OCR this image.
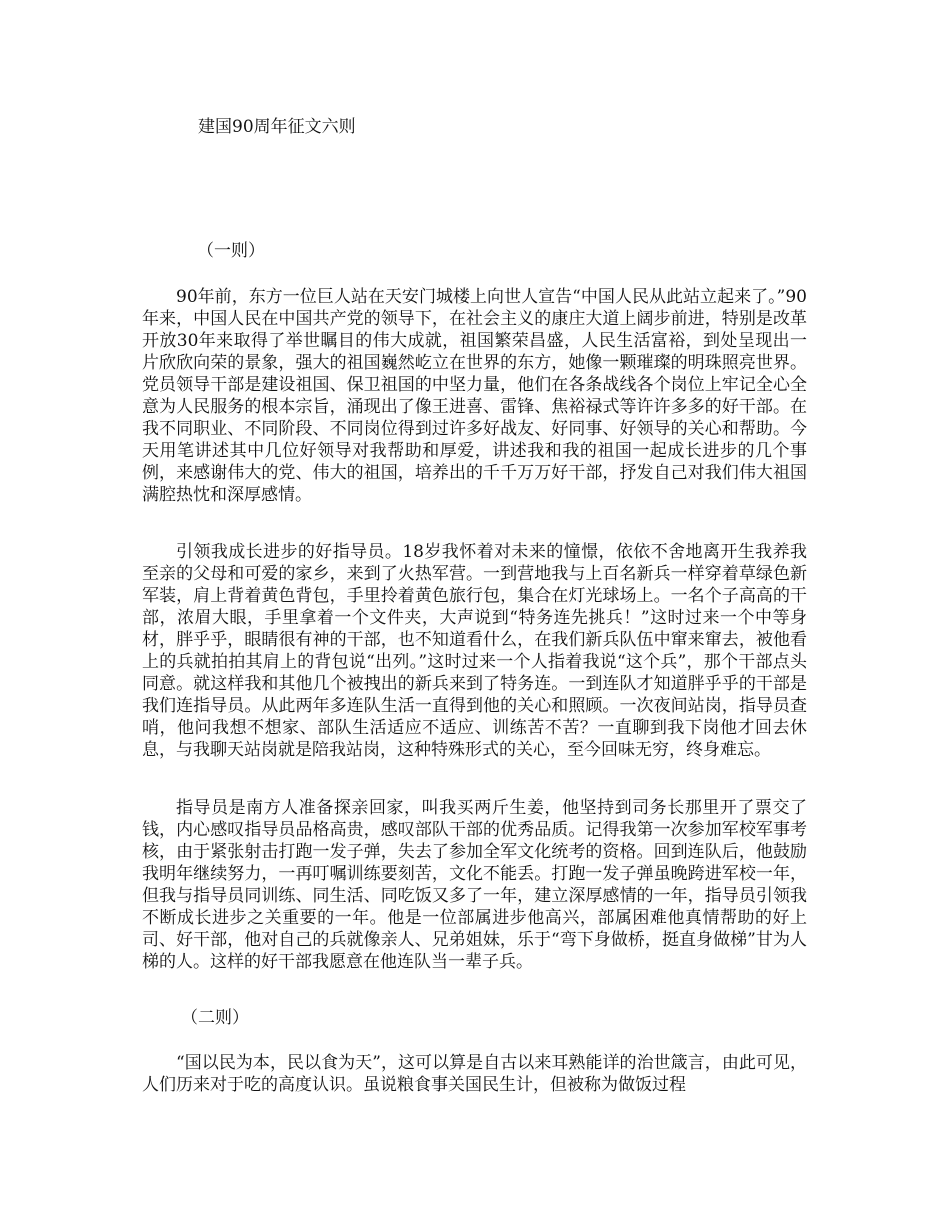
建国90周年征文六则
（一则）

90年前，东方一位巨人站在天安门城楼上向世人宣告“中国人民从此站立起来了。”90年来，中国人民在中国共产党的领导下，在社会主义的康庄大道上阔步前进，特别是改革开放30年来取得了举世瞩目的伟大成就，祖国繁荣昌盛，人民生活富裕，到处呈现出一片欣欣向荣的景象，强大的祖国巍然屹立在世界的东方，她像一颗璀璨的明珠照亮世界。党员领导干部是建设祖国、保卫祖国的中坚力量，他们在各条战线各个岗位上牢记全心全意为人民服务的根本宗旨，涌现出了像王进喜、雷锋、焦裕禄式等许许多多的好干部。在我不同职业、不同阶段、不同岗位得到过许多好战友、好同事、好领导的关心和帮助。今天用笔讲述其中几位好领导对我帮助和厚爱，讲述我和我的祖国一起成长进步的几个事例，来感谢伟大的党、伟大的祖国，培养出的千千万万好干部，抒发自己对我们伟大祖国满腔热忱和深厚感情。

引领我成长进步的好指导员。18岁我怀着对未来的憧憬，依依不舍地离开生我养我至亲的父母和可爱的家乡，来到了火热军营。一到营地我与上百名新兵一样穿着草绿色新军装，肩上背着黄色背包，手里拎着黄色旅行包，集合在灯光球场上。一名个子高高的干部，浓眉大眼，手里拿着一个文件夹，大声说到“特务连先挑兵！”这时过来一个中等身材，胖乎乎，眼睛很有神的干部，也不知道看什么，在我们新兵队伍中窜来窜去，被他看上的兵就拍拍其肩上的背包说“出列。”这时过来一个人指着我说“这个兵”，那个干部点头同意。就这样我和其他几个被拽出的新兵来到了特务连。一到连队才知道胖乎乎的干部是我们连指导员。从此两年多连队生活一直得到他的关心和照顾。一次夜间站岗，指导员查哨，他问我想不想家、部队生活适应不适应、训练苦不苦？一直聊到我下岗他才回去休息，与我聊天站岗就是陪我站岗，这种特殊形式的关心，至今回味无穷，终身难忘。

指导员是南方人准备探亲回家，叫我买两斤生姜，他坚持到司务长那里开了票交了钱，内心感叹指导员品格高贵，感叹部队干部的优秀品质。记得我第一次参加军校军事考核，由于紧张射击打跑一发子弹，失去了参加全军文化统考的资格。回到连队后，他鼓励我明年继续努力，一再叮嘱训练要刻苦，文化不能丢。打跑一发子弹虽晚跨进军校一年，但我与指导员同训练、同生活、同吃饭又多了一年，建立深厚感情的一年，指导员引领我不断成长进步之关重要的一年。他是一位部属进步他高兴，部属困难他真情帮助的好上司、好干部，他对自己的兵就像亲人、兄弟姐妹，乐于“弯下身做桥，挺直身做梯”甘为人梯的人。这样的好干部我愿意在他连队当一辈子兵。

（二则）

“国以民为本，民以食为天”，这可以算是自古以来耳熟能详的治世箴言，由此可见，人们历来对于吃的高度认识。虽说粮食事关国民生计，但被称为做饭过程
